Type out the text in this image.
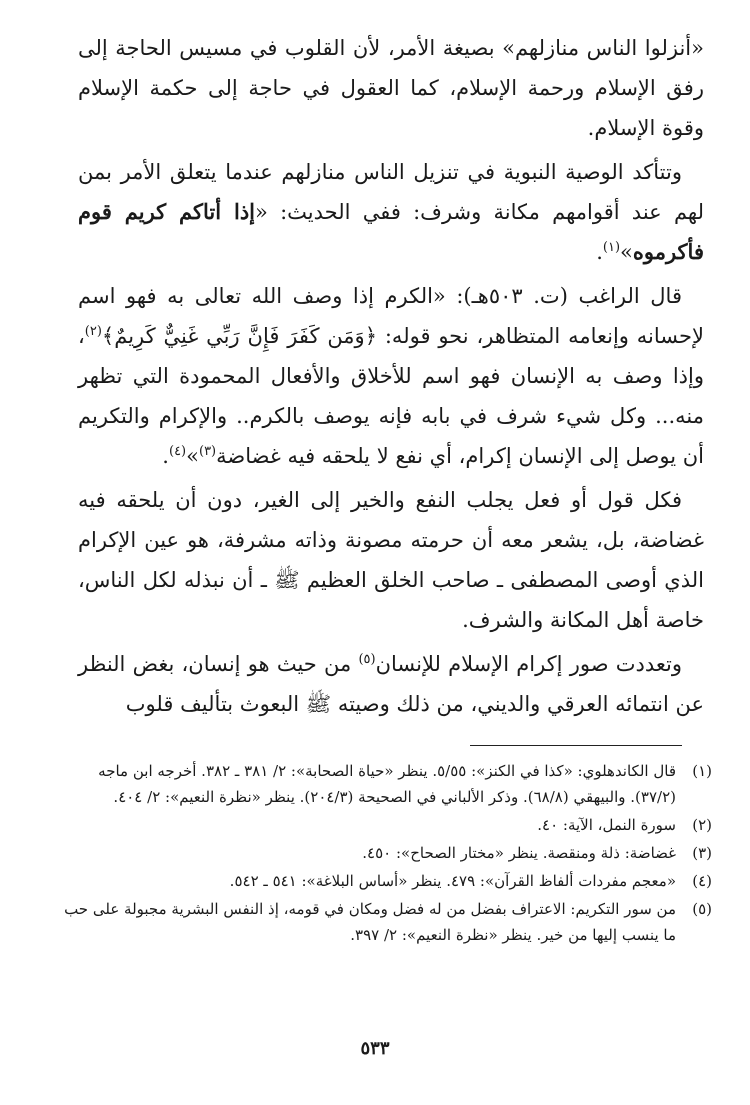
«أنزلوا الناس منازلهم» بصيغة الأمر، لأن القلوب في مسيس الحاجة إلى رفق الإسلام ورحمة الإسلام، كما العقول في حاجة إلى حكمة الإسلام وقوة الإسلام.

وتتأكد الوصية النبوية في تنزيل الناس منازلهم عندما يتعلق الأمر بمن لهم عند أقوامهم مكانة وشرف: ففي الحديث: «إذا أتاكم كريم قوم فأكرموه»$^{(١)}$.

قال الراغب (ت. ٥٠٣هـ): «الكرم إذا وصف الله تعالى به فهو اسم لإحسانه وإنعامه المتظاهر، نحو قوله: ﴿وَمَن كَفَرَ فَإِنَّ رَبِّي غَنِيٌّ كَرِيمٌ﴾$^{(٢)}$، وإذا وصف به الإنسان فهو اسم للأخلاق والأفعال المحمودة التي تظهر منه... وكل شيء شرف في بابه فإنه يوصف بالكرم.. والإكرام والتكريم أن يوصل إلى الإنسان إكرام، أي نفع لا يلحقه فيه غضاضة$^{(٣)}$»$^{(٤)}$.

فكل قول أو فعل يجلب النفع والخير إلى الغير، دون أن يلحقه فيه غضاضة، بل، يشعر معه أن حرمته مصونة وذاته مشرفة، هو عين الإكرام الذي أوصى المصطفى ـ صاحب الخلق العظيم ﷺ ـ أن نبذله لكل الناس، خاصة أهل المكانة والشرف.

وتعددت صور إكرام الإسلام للإنسان$^{(٥)}$ من حيث هو إنسان، بغض النظر عن انتمائه العرقي والديني، من ذلك وصيته ﷺ البعوث بتأليف قلوب

(١)
قال الكاندهلوي: «كذا في الكنز»: ٥/٥٥. ينظر «حياة الصحابة»: ٢/ ٣٨١ ـ ٣٨٢. أخرجه ابن ماجه (٣٧/٢). والبيهقي (٦٨/٨). وذكر الألباني في الصحيحة (٢٠٤/٣). ينظر «نظرة النعيم»: ٢/ ٤٠٤.
(٢)
سورة النمل، الآية: ٤٠.
(٣)
غضاضة: ذلة ومنقصة. ينظر «مختار الصحاح»: ٤٥٠.
(٤)
«معجم مفردات ألفاظ القرآن»: ٤٧٩. ينظر «أساس البلاغة»: ٥٤١ ـ ٥٤٢.
(٥)
من سور التكريم: الاعتراف بفضل من له فضل ومكان في قومه، إذ النفس البشرية مجبولة على حب ما ينسب إليها من خير. ينظر «نظرة النعيم»: ٢/ ٣٩٧.
٥٣٣
